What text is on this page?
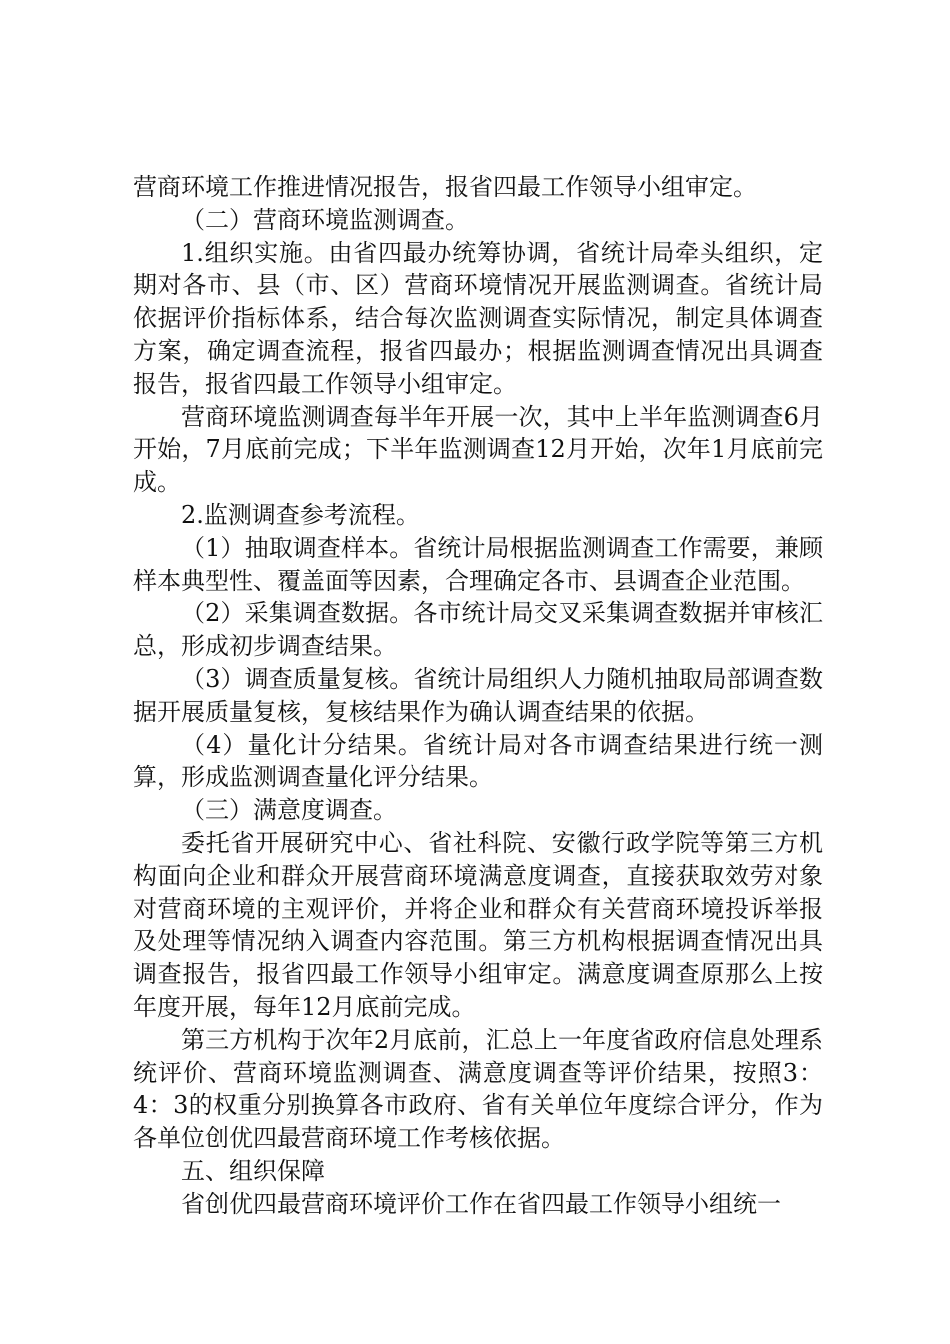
营商环境工作推进情况报告，报省四最工作领导小组审定。

（二）营商环境监测调查。

1.组织实施。由省四最办统筹协调，省统计局牵头组织，定期对各市、县（市、区）营商环境情况开展监测调查。省统计局依据评价指标体系，结合每次监测调查实际情况，制定具体调查方案，确定调查流程，报省四最办；根据监测调查情况出具调查报告，报省四最工作领导小组审定。

营商环境监测调查每半年开展一次，其中上半年监测调查6月开始，7月底前完成；下半年监测调查12月开始，次年1月底前完成。

2.监测调查参考流程。

（1）抽取调查样本。省统计局根据监测调查工作需要，兼顾样本典型性、覆盖面等因素，合理确定各市、县调查企业范围。

（2）采集调查数据。各市统计局交叉采集调查数据并审核汇总，形成初步调查结果。

（3）调查质量复核。省统计局组织人力随机抽取局部调查数据开展质量复核，复核结果作为确认调查结果的依据。

（4）量化计分结果。省统计局对各市调查结果进行统一测算，形成监测调查量化评分结果。

（三）满意度调查。

委托省开展研究中心、省社科院、安徽行政学院等第三方机构面向企业和群众开展营商环境满意度调查，直接获取效劳对象对营商环境的主观评价，并将企业和群众有关营商环境投诉举报及处理等情况纳入调查内容范围。第三方机构根据调查情况出具调查报告，报省四最工作领导小组审定。满意度调查原那么上按年度开展，每年12月底前完成。

第三方机构于次年2月底前，汇总上一年度省政府信息处理系统评价、营商环境监测调查、满意度调查等评价结果，按照3：4：3的权重分别换算各市政府、省有关单位年度综合评分，作为各单位创优四最营商环境工作考核依据。

五、组织保障

省创优四最营商环境评价工作在省四最工作领导小组统一
